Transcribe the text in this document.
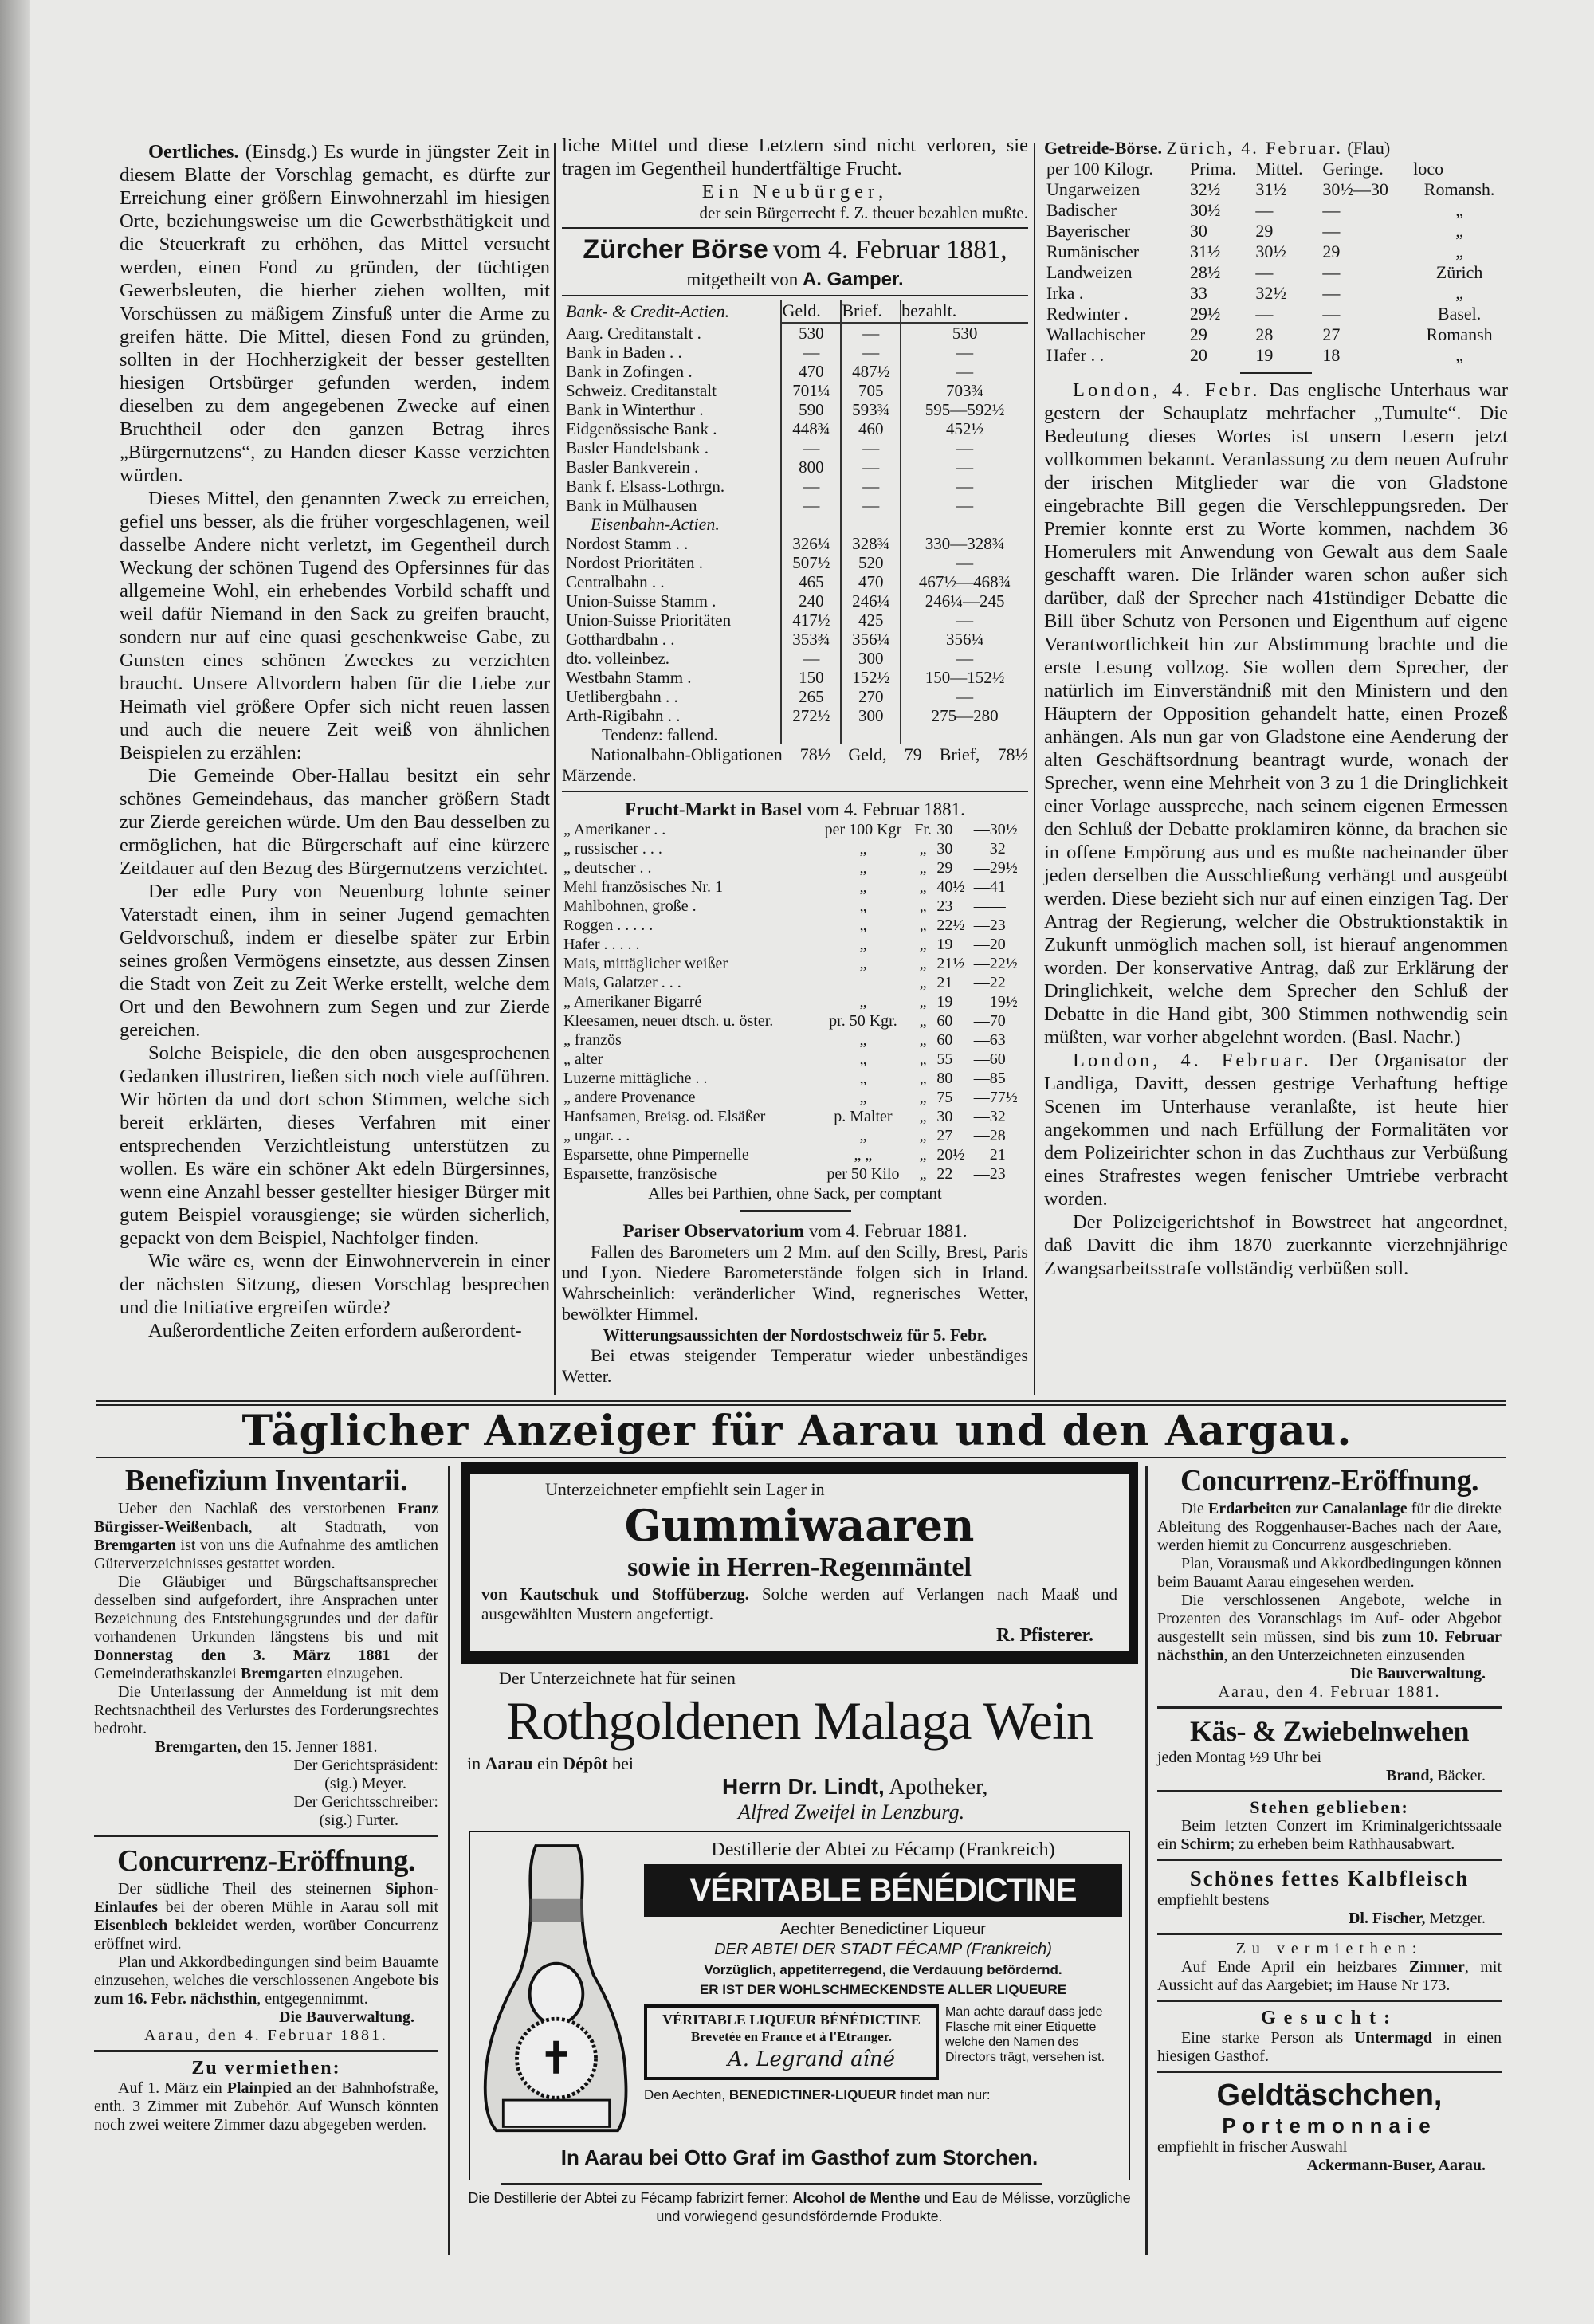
Oertliches. (Einsdg.) Es wurde in jüngster Zeit in diesem Blatte der Vorschlag gemacht, es dürfte zur Erreichung einer größern Einwohnerzahl im hiesigen Orte, beziehungsweise um die Gewerbsthätigkeit und die Steuerkraft zu erhöhen, das Mittel versucht werden, einen Fond zu gründen, der tüchtigen Gewerbsleuten, die hierher ziehen wollten, mit Vorschüssen zu mäßigem Zinsfuß unter die Arme zu greifen hätte. Die Mittel, diesen Fond zu gründen, sollten in der Hochherzigkeit der besser gestellten hiesigen Ortsbürger gefunden werden, indem dieselben zu dem angegebenen Zwecke auf einen Bruchtheil oder den ganzen Betrag ihres „Bürgernutzens“, zu Handen dieser Kasse verzichten würden.

Dieses Mittel, den genannten Zweck zu erreichen, gefiel uns besser, als die früher vorgeschlagenen, weil dasselbe Andere nicht verletzt, im Gegentheil durch Weckung der schönen Tugend des Opfersinnes für das allgemeine Wohl, ein erhebendes Vorbild schafft und weil dafür Niemand in den Sack zu greifen braucht, sondern nur auf eine quasi geschenkweise Gabe, zu Gunsten eines schönen Zweckes zu verzichten braucht. Unsere Altvordern haben für die Liebe zur Heimath viel größere Opfer sich nicht reuen lassen und auch die neuere Zeit weiß von ähnlichen Beispielen zu erzählen:

Die Gemeinde Ober-Hallau besitzt ein sehr schönes Gemeindehaus, das mancher größern Stadt zur Zierde gereichen würde. Um den Bau desselben zu ermöglichen, hat die Bürgerschaft auf eine kürzere Zeitdauer auf den Bezug des Bürgernutzens verzichtet.

Der edle Pury von Neuenburg lohnte seiner Vaterstadt einen, ihm in seiner Jugend gemachten Geldvorschuß, indem er dieselbe später zur Erbin seines großen Vermögens einsetzte, aus dessen Zinsen die Stadt von Zeit zu Zeit Werke erstellt, welche dem Ort und den Bewohnern zum Segen und zur Zierde gereichen.

Solche Beispiele, die den oben ausgesprochenen Gedanken illustriren, ließen sich noch viele aufführen. Wir hörten da und dort schon Stimmen, welche sich bereit erklärten, dieses Verfahren mit einer entsprechenden Verzichtleistung unterstützen zu wollen. Es wäre ein schöner Akt edeln Bürgersinnes, wenn eine Anzahl besser gestellter hiesiger Bürger mit gutem Beispiel vorausgienge; sie würden sicherlich, gepackt von dem Beispiel, Nachfolger finden.

Wie wäre es, wenn der Einwohnerverein in einer der nächsten Sitzung, diesen Vorschlag besprechen und die Initiative ergreifen würde?

Außerordentliche Zeiten erfordern außerordent-

liche Mittel und diese Letztern sind nicht verloren, sie tragen im Gegentheil hundertfältige Frucht.
Ein Neubürger,
der sein Bürgerrecht f. Z. theuer bezahlen mußte.
Zürcher Börse vom 4. Februar 1881,
mitgetheilt von A. Gamper.
Bank- & Credit-Actien.	Geld.	Brief.	bezahlt.
Aarg. Creditanstalt .	530	—	530
Bank in Baden . .	—	—	—
Bank in Zofingen .	470	487½	—
Schweiz. Creditanstalt	701¼	705	703¾
Bank in Winterthur .	590	593¾	595—592½
Eidgenössische Bank .	448¾	460	452½
Basler Handelsbank .	—	—	—
Basler Bankverein .	800	—	—
Bank f. Elsass-Lothrgn.	—	—	—
Bank in Mülhausen	—	—	—
Eisenbahn-Actien.			
Nordost Stamm . .	326¼	328¾	330—328¾
Nordost Prioritäten .	507½	520	—
Centralbahn . .	465	470	467½—468¾
Union-Suisse Stamm .	240	246¼	246¼—245
Union-Suisse Prioritäten	417½	425	—
Gotthardbahn . .	353¾	356¼	356¼
dto. volleinbez.	—	300	—
Westbahn Stamm .	150	152½	150—152½
Uetlibergbahn . .	265	270	—
Arth-Rigibahn . .	272½	300	275—280
Tendenz: fallend.			
Nationalbahn-Obligationen 78½ Geld, 79 Brief, 78½ Märzende.
Frucht-Markt in Basel vom 4. Februar 1881.
„ Amerikaner . .	per 100 Kgr	Fr.	30	—30½
„ russischer . . .	„	„	30	—32
„ deutscher . .	„	„	29	—29½
Mehl französisches Nr. 1	„	„	40½	—41
Mahlbohnen, große .	„	„	23	——
Roggen . . . . .	„	„	22½	—23
Hafer . . . . .	„	„	19	—20
Mais, mittäglicher weißer	„	„	21½	—22½
Mais, Galatzer . . .		„	21	—22
„ Amerikaner Bigarré	„	„	19	—19½
Kleesamen, neuer dtsch. u. öster.	pr. 50 Kgr.	„	60	—70
„ französ	„	„	60	—63
„ alter	„	„	55	—60
Luzerne mittägliche . .	„	„	80	—85
„ andere Provenance	„	„	75	—77½
Hanfsamen, Breisg. od. Elsäßer	p. Malter	„	30	—32
„ ungar. . .	„	„	27	—28
Esparsette, ohne Pimpernelle	„ „	„	20½	—21
Esparsette, französische	per 50 Kilo	„	22	—23
Alles bei Parthien, ohne Sack, per comptant
Pariser Observatorium vom 4. Februar 1881.

Fallen des Barometers um 2 Mm. auf den Scilly, Brest, Paris und Lyon. Niedere Barometerstände folgen sich in Irland. Wahrscheinlich: veränderlicher Wind, regnerisches Wetter, bewölkter Himmel.

Witterungsaussichten der Nordostschweiz für 5. Febr.

Bei etwas steigender Temperatur wieder unbeständiges Wetter.

Getreide-Börse. Zürich, 4. Februar. (Flau)
per 100 Kilogr.	Prima.	Mittel.	Geringe.	loco
Ungarweizen	32½	31½	30½—30	Romansh.
Badischer	30½	—	—	„
Bayerischer	30	29	—	„
Rumänischer	31½	30½	29	„
Landweizen	28½	—	—	Zürich
Irka .	33	32½	—	„
Redwinter .	29½	—	—	Basel.
Wallachischer	29	28	27	Romansh
Hafer . .	20	19	18	„

London, 4. Febr. Das englische Unterhaus war gestern der Schauplatz mehrfacher „Tumulte“. Die Bedeutung dieses Wortes ist unsern Lesern jetzt vollkommen bekannt. Veranlassung zu dem neuen Aufruhr der irischen Mitglieder war die von Gladstone eingebrachte Bill gegen die Verschleppungsreden. Der Premier konnte erst zu Worte kommen, nachdem 36 Homerulers mit Anwendung von Gewalt aus dem Saale geschafft waren. Die Irländer waren schon außer sich darüber, daß der Sprecher nach 41stündiger Debatte die Bill über Schutz von Personen und Eigenthum auf eigene Verantwortlichkeit hin zur Abstimmung brachte und die erste Lesung vollzog. Sie wollen dem Sprecher, der natürlich im Einverständniß mit den Ministern und den Häuptern der Opposition gehandelt hatte, einen Prozeß anhängen. Als nun gar von Gladstone eine Aenderung der alten Geschäftsordnung beantragt wurde, wonach der Sprecher, wenn eine Mehrheit von 3 zu 1 die Dringlichkeit einer Vorlage ausspreche, nach seinem eigenen Ermessen den Schluß der Debatte proklamiren könne, da brachen sie in offene Empörung aus und es mußte nacheinander über jeden derselben die Ausschließung verhängt und ausgeübt werden. Diese bezieht sich nur auf einen einzigen Tag. Der Antrag der Regierung, welcher die Obstruktionstaktik in Zukunft unmöglich machen soll, ist hierauf angenommen worden. Der konservative Antrag, daß zur Erklärung der Dringlichkeit, welche dem Sprecher den Schluß der Debatte in die Hand gibt, 300 Stimmen nothwendig sein müßten, war vorher abgelehnt worden. (Basl. Nachr.)

London, 4. Februar. Der Organisator der Landliga, Davitt, dessen gestrige Verhaftung heftige Scenen im Unterhause veranlaßte, ist heute hier angekommen und nach Erfüllung der Formalitäten vor dem Polizeirichter schon in das Zuchthaus zur Verbüßung eines Strafrestes wegen fenischer Umtriebe verbracht worden.

Der Polizeigerichtshof in Bowstreet hat angeordnet, daß Davitt die ihm 1870 zuerkannte vierzehnjährige Zwangsarbeitsstrafe vollständig verbüßen soll.

Täglicher Anzeiger für Aarau und den Aargau.
Benefizium Inventarii.

Ueber den Nachlaß des verstorbenen Franz Bürgisser-Weißenbach, alt Stadtrath, von Bremgarten ist von uns die Aufnahme des amtlichen Güterverzeichnisses gestattet worden.

Die Gläubiger und Bürgschaftsansprecher desselben sind aufgefordert, ihre Ansprachen unter Bezeichnung des Entstehungsgrundes und der dafür vorhandenen Urkunden längstens bis und mit Donnerstag den 3. März 1881 der Gemeinderathskanzlei Bremgarten einzugeben.

Die Unterlassung der Anmeldung ist mit dem Rechtsnachtheil des Verlurstes des Forderungsrechtes bedroht.

Bremgarten, den 15. Jenner 1881.
Der Gerichtspräsident:
(sig.) Meyer.
Der Gerichtsschreiber:
(sig.) Furter.
Concurrenz-Eröffnung.

Der südliche Theil des steinernen Siphon-Einlaufes bei der oberen Mühle in Aarau soll mit Eisenblech bekleidet werden, worüber Concurrenz eröffnet wird.

Plan und Akkordbedingungen sind beim Bauamte einzusehen, welches die verschlossenen Angebote bis zum 16. Febr. nächsthin, entgegennimmt.

Die Bauverwaltung.
Aarau, den 4. Februar 1881.
Zu vermiethen:

Auf 1. März ein Plainpied an der Bahnhofstraße, enth. 3 Zimmer mit Zubehör. Auf Wunsch könnten noch zwei weitere Zimmer dazu abgegeben werden.

Unterzeichneter empfiehlt sein Lager in
Gummiwaaren
sowie in Herren-Regenmäntel
von Kautschuk und Stoffüberzug. Solche werden auf Verlangen nach Maaß und ausgewählten Mustern angefertigt.
R. Pfisterer.
Der Unterzeichnete hat für seinen
Rothgoldenen Malaga Wein
in Aarau ein Dépôt bei
Herrn Dr. Lindt, Apotheker,
Alfred Zweifel in Lenzburg.
Destillerie der Abtei zu Fécamp (Frankreich)
VÉRITABLE BÉNÉDICTINE
Aechter Benedictiner Liqueur
DER ABTEI DER STADT FÉCAMP (Frankreich)
Vorzüglich, appetiterregend, die Verdauung befördernd.
ER IST DER WOHLSCHMECKENDSTE ALLER LIQUEURE
VÉRITABLE LIQUEUR BÉNÉDICTINE
Brevetée en France et à l'Etranger.
A. Legrand aîné
Man achte darauf dass jede Flasche mit einer Etiquette welche den Namen des Directors trägt, versehen ist.
Den Aechten, BENEDICTINER-LIQUEUR findet man nur:
In Aarau bei Otto Graf im Gasthof zum Storchen.
Die Destillerie der Abtei zu Fécamp fabrizirt ferner: Alcohol de Menthe und Eau de Mélisse, vorzügliche und vorwiegend gesundsfördernde Produkte.
Concurrenz-Eröffnung.

Die Erdarbeiten zur Canalanlage für die direkte Ableitung des Roggenhauser-Baches nach der Aare, werden hiemit zu Concurrenz ausgeschrieben.

Plan, Vorausmaß und Akkordbedingungen können beim Bauamt Aarau eingesehen werden.

Die verschlossenen Angebote, welche in Prozenten des Voranschlags im Auf- oder Abgebot ausgestellt sein müssen, sind bis zum 10. Februar nächsthin, an den Unterzeichneten einzusenden

Die Bauverwaltung.
Aarau, den 4. Februar 1881.
Käs- & Zwiebelnwehen
jeden Montag ½9 Uhr bei
Brand, Bäcker.
Stehen geblieben:

Beim letzten Conzert im Kriminalgerichtssaale ein Schirm; zu erheben beim Rathhausabwart.

Schönes fettes Kalbfleisch
empfiehlt bestens
Dl. Fischer, Metzger.
Zu vermiethen:

Auf Ende April ein heizbares Zimmer, mit Aussicht auf das Aargebiet; im Hause Nr 173.

Gesucht:

Eine starke Person als Untermagd in einen hiesigen Gasthof.

Geldtäschchen,
Portemonnaie
empfiehlt in frischer Auswahl
Ackermann-Buser, Aarau.
